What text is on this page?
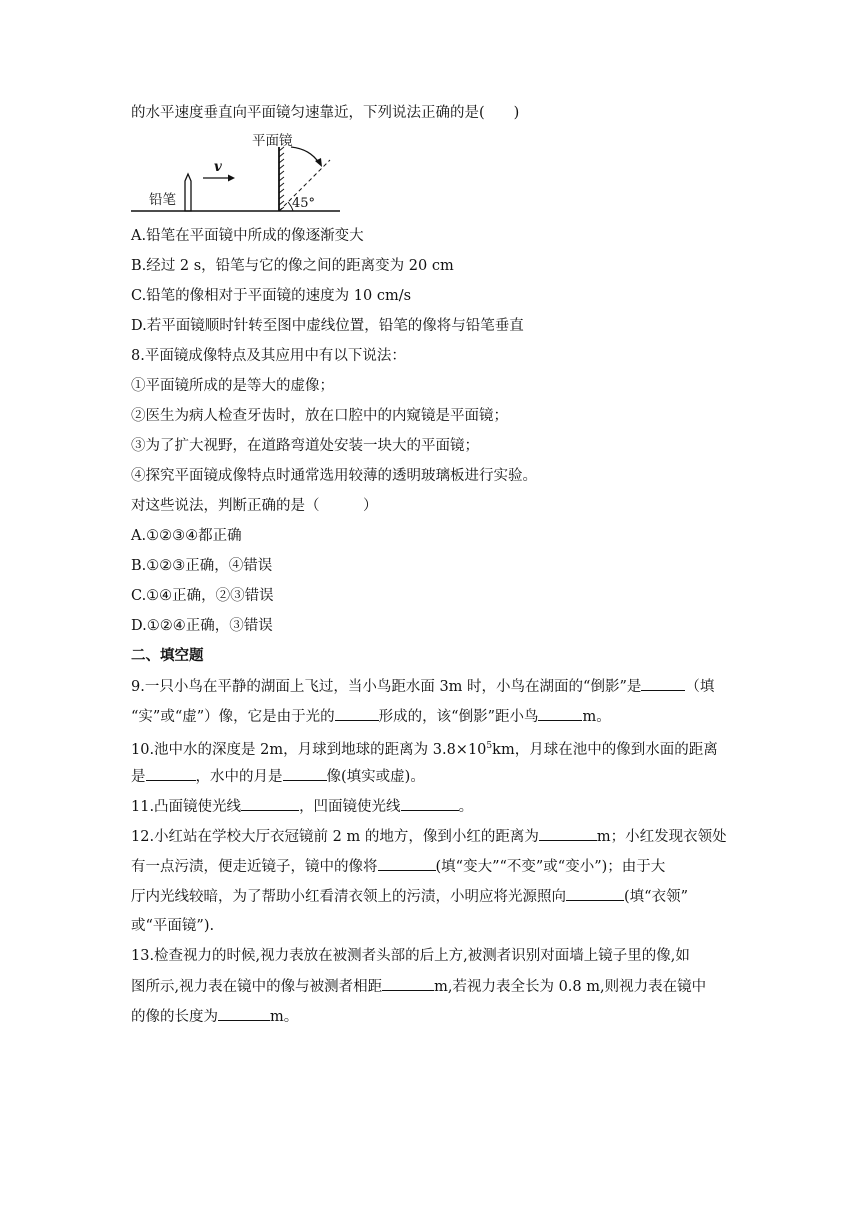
的水平速度垂直向平面镜匀速靠近，下列说法正确的是(　　)
平面镜
铅笔
v
45°
A.铅笔在平面镜中所成的像逐渐变大
B.经过 2 s，铅笔与它的像之间的距离变为 20 cm
C.铅笔的像相对于平面镜的速度为 10 cm/s
D.若平面镜顺时针转至图中虚线位置，铅笔的像将与铅笔垂直
8.平面镜成像特点及其应用中有以下说法：
①平面镜所成的是等大的虚像；
②医生为病人检查牙齿时，放在口腔中的内窥镜是平面镜；
③为了扩大视野，在道路弯道处安装一块大的平面镜；
④探究平面镜成像特点时通常选用较薄的透明玻璃板进行实验。
对这些说法，判断正确的是（　　　）
A.①②③④都正确
B.①②③正确，④错误
C.①④正确，②③错误
D.①②④正确，③错误
二、填空题
9.一只小鸟在平静的湖面上飞过，当小鸟距水面 3m 时，小鸟在湖面的“倒影”是	（填
“实”或“虚”）像，它是由于光的	形成的，该“倒影”距小鸟	m。
10.池中水的深度是 2m，月球到地球的距离为 $3.8\times 10^5km$，月球在池中的像到水面的距离
是	，水中的月是	像(填实或虚)。
11.凸面镜使光线	，凹面镜使光线	。
12.小红站在学校大厅衣冠镜前 2 m 的地方，像到小红的距离为	m；小红发现衣领处
有一点污渍，便走近镜子，镜中的像将	(填“变大”“不变”或“变小”)；由于大
厅内光线较暗，为了帮助小红看清衣领上的污渍，小明应将光源照向	(填“衣领”
或“平面镜”).
13.检查视力的时候,视力表放在被测者头部的后上方,被测者识别对面墙上镜子里的像,如
图所示,视力表在镜中的像与被测者相距	m,若视力表全长为 0.8 m,则视力表在镜中
的像的长度为	m。
